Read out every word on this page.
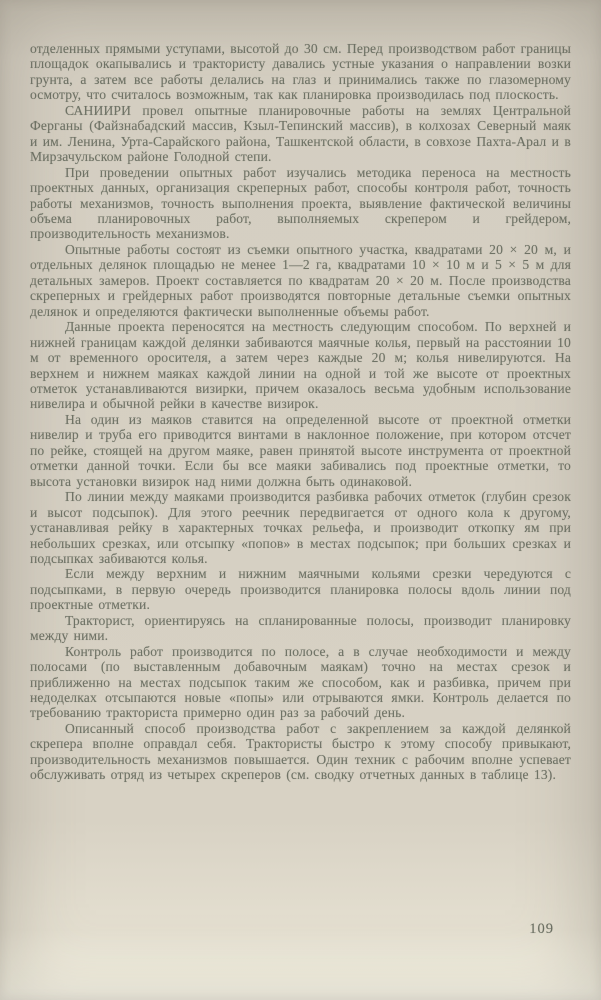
отделенных прямыми уступами, высотой до 30 см. Перед производством работ границы площадок окапывались и трактористу давались устные указания о направлении возки грунта, а затем все работы делались на глаз и принимались также по глазомерному осмотру, что считалось возможным, так как планировка производилась под плоскость.

САНИИРИ провел опытные планировочные работы на землях Центральной Ферганы (Файзнабадский массив, Кзыл-Тепинский массив), в колхозах Северный маяк и им. Ленина, Урта-Сарайского района, Ташкентской области, в совхозе Пахта-Арал и в Мирзачульском районе Голодной степи.

При проведении опытных работ изучались методика переноса на местность проектных данных, организация скреперных работ, способы контроля работ, точность работы механизмов, точность выполнения проекта, выявление фактической величины объема планировочных работ, выполняемых скрепером и грейдером, производительность механизмов.

Опытные работы состоят из съемки опытного участка, квадратами 20 × 20 м, и отдельных делянок площадью не менее 1—2 га, квадратами 10 × 10 м и 5 × 5 м для детальных замеров. Проект составляется по квадратам 20 × 20 м. После производства скреперных и грейдерных работ производятся повторные детальные съемки опытных делянок и определяются фактически выполненные объемы работ.

Данные проекта переносятся на местность следующим способом. По верхней и нижней границам каждой делянки забиваются маячные колья, первый на расстоянии 10 м от временного оросителя, а затем через каждые 20 м; колья нивелируются. На верхнем и нижнем маяках каждой линии на одной и той же высоте от проектных отметок устанавливаются визирки, причем оказалось весьма удобным использование нивелира и обычной рейки в качестве визирок.

На один из маяков ставится на определенной высоте от проектной отметки нивелир и труба его приводится винтами в наклонное положение, при котором отсчет по рейке, стоящей на другом маяке, равен принятой высоте инструмента от проектной отметки данной точки. Если бы все маяки забивались под проектные отметки, то высота установки визирок над ними должна быть одинаковой.

По линии между маяками производится разбивка рабочих отметок (глубин срезок и высот подсыпок). Для этого реечник передвигается от одного кола к другому, устанавливая рейку в характерных точках рельефа, и производит откопку ям при небольших срезках, или отсыпку «попов» в местах подсыпок; при больших срезках и подсыпках забиваются колья.

Если между верхним и нижним маячными кольями срезки чередуются с подсыпками, в первую очередь производится планировка полосы вдоль линии под проектные отметки.

Тракторист, ориентируясь на спланированные полосы, производит планировку между ними.

Контроль работ производится по полосе, а в случае необходимости и между полосами (по выставленным добавочным маякам) точно на местах срезок и приближенно на местах подсыпок таким же способом, как и разбивка, причем при недоделках отсыпаются новые «попы» или отрываются ямки. Контроль делается по требованию тракториста примерно один раз за рабочий день.

Описанный способ производства работ с закреплением за каждой делянкой скрепера вполне оправдал себя. Трактористы быстро к этому способу привыкают, производительность механизмов повышается. Один техник с рабочим вполне успевает обслуживать отряд из четырех скреперов (см. сводку отчетных данных в таблице 13).

109
